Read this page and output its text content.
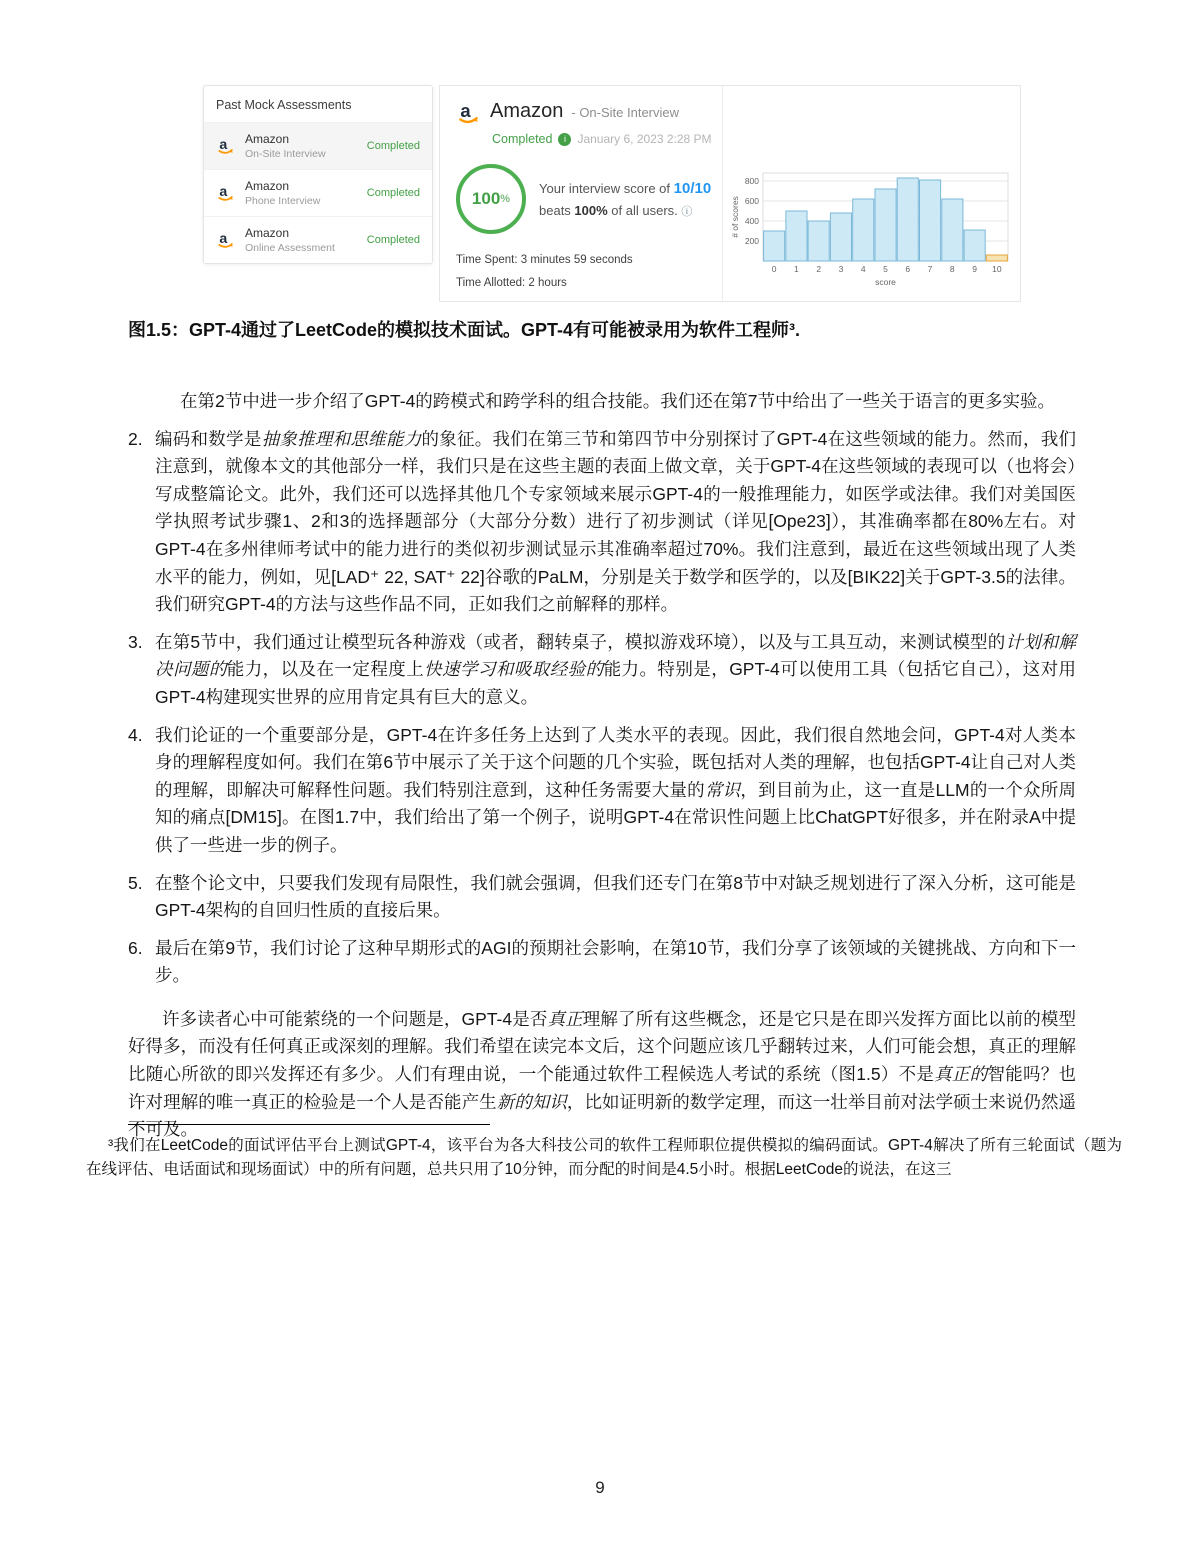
Past Mock Assessments
a Amazon
On-Site Interview
Completed
a Amazon
Phone Interview
Completed
a Amazon
Online Assessment
Completed
a Amazon - On-Site Interview
Completed	i January 6, 2023 2:28 PM
100 %
Your interview score of 10/10
beats 100% of all users. ⓘ
Time Spent: 3 minutes 59 seconds
Time Allotted: 2 hours
200
400
600
800
0 1 2 3 4 5 6 7 8 9 10
score
# of scores
图1.5：GPT-4通过了LeetCode的模拟技术面试。GPT-4有可能被录用为软件工程师³.
在第2节中进一步介绍了GPT-4的跨模式和跨学科的组合技能。我们还在第7节中给出了一些关于语言的更多实验。
2. 编码和数学是抽象推理和思维能力的象征。我们在第三节和第四节中分别探讨了GPT-4在这些领域的能力。然而，我们注意到，就像本文的其他部分一样，我们只是在这些主题的表面上做文章，关于GPT-4在这些领域的表现可以（也将会）写成整篇论文。此外，我们还可以选择其他几个专家领域来展示GPT-4的一般推理能力，如医学或法律。我们对美国医学执照考试步骤1、2和3的选择题部分（大部分分数）进行了初步测试（详见[Ope23]），其准确率都在80%左右。对GPT-4在多州律师考试中的能力进行的类似初步测试显示其准确率超过70%。我们注意到，最近在这些领域出现了人类水平的能力，例如，见[LAD⁺ 22, SAT⁺ 22]谷歌的PaLM，分别是关于数学和医学的，以及[BIK22]关于GPT-3.5的法律。我们研究GPT-4的方法与这些作品不同，正如我们之前解释的那样。
3. 在第5节中，我们通过让模型玩各种游戏（或者，翻转桌子，模拟游戏环境），以及与工具互动，来测试模型的计划和解决问题的能力，以及在一定程度上快速学习和吸取经验的能力。特别是，GPT-4可以使用工具（包括它自己），这对用GPT-4构建现实世界的应用肯定具有巨大的意义。
4. 我们论证的一个重要部分是，GPT-4在许多任务上达到了人类水平的表现。因此，我们很自然地会问，GPT-4对人类本身的理解程度如何。我们在第6节中展示了关于这个问题的几个实验，既包括对人类的理解，也包括GPT-4让自己对人类的理解，即解决可解释性问题。我们特别注意到，这种任务需要大量的常识，到目前为止，这一直是LLM的一个众所周知的痛点[DM15]。在图1.7中，我们给出了第一个例子，说明GPT-4在常识性问题上比ChatGPT好很多，并在附录A中提供了一些进一步的例子。
5. 在整个论文中，只要我们发现有局限性，我们就会强调，但我们还专门在第8节中对缺乏规划进行了深入分析，这可能是GPT-4架构的自回归性质的直接后果。
6. 最后在第9节，我们讨论了这种早期形式的AGI的预期社会影响，在第10节，我们分享了该领域的关键挑战、方向和下一步。
许多读者心中可能萦绕的一个问题是，GPT-4是否真正理解了所有这些概念，还是它只是在即兴发挥方面比以前的模型好得多，而没有任何真正或深刻的理解。我们希望在读完本文后，这个问题应该几乎翻转过来，人们可能会想，真正的理解比随心所欲的即兴发挥还有多少。人们有理由说，一个能通过软件工程候选人考试的系统（图1.5）不是真正的智能吗？也许对理解的唯一真正的检验是一个人是否能产生新的知识，比如证明新的数学定理，而这一壮举目前对法学硕士来说仍然遥不可及。
³我们在LeetCode的面试评估平台上测试GPT-4，该平台为各大科技公司的软件工程师职位提供模拟的编码面试。GPT-4解决了所有三轮面试（题为在线评估、电话面试和现场面试）中的所有问题，总共只用了10分钟，而分配的时间是4.5小时。根据LeetCode的说法，在这三
9
